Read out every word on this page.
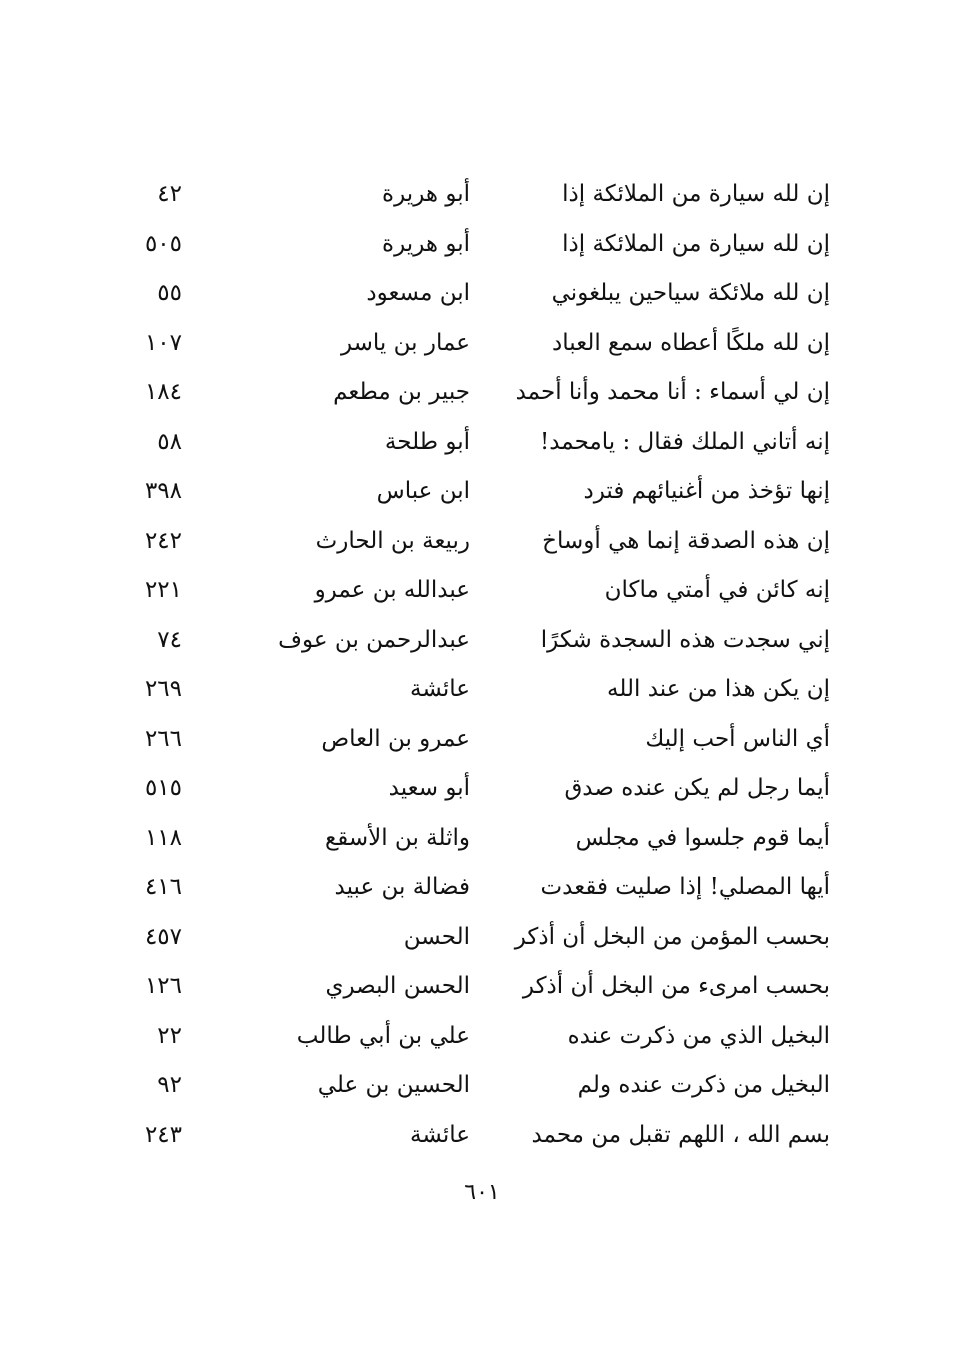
إن لله سيارة من الملائكة إذا
أبو هريرة
٤٢
إن لله سيارة من الملائكة إذا
أبو هريرة
٥٠٥
إن لله ملائكة سياحين يبلغوني
ابن مسعود
٥٥
إن لله ملكًا أعطاه سمع العباد
عمار بن ياسر
١٠٧
إن لي أسماء : أنا محمد وأنا أحمد
جبير بن مطعم
١٨٤
إنه أتاني الملك فقال : يامحمد!
أبو طلحة
٥٨
إنها تؤخذ من أغنيائهم فترد
ابن عباس
٣٩٨
إن هذه الصدقة إنما هي أوساخ
ربيعة بن الحارث
٢٤٢
إنه كائن في أمتي ماكان
عبدالله بن عمرو
٢٢١
إني سجدت هذه السجدة شكرًا
عبدالرحمن بن عوف
٧٤
إن يكن هذا من عند الله
عائشة
٢٦٩
أي الناس أحب إليك
عمرو بن العاص
٢٦٦
أيما رجل لم يكن عنده صدق
أبو سعيد
٥١٥
أيما قوم جلسوا في مجلس
واثلة بن الأسقع
١١٨
أيها المصلي! إذا صليت فقعدت
فضالة بن عبيد
٤١٦
بحسب المؤمن من البخل أن أذكر
الحسن
٤٥٧
بحسب امرىء من البخل أن أذكر
الحسن البصري
١٢٦
البخيل الذي من ذكرت عنده
علي بن أبي طالب
٢٢
البخيل من ذكرت عنده ولم
الحسين بن علي
٩٢
بسم الله ، اللهم تقبل من محمد
عائشة
٢٤٣
٦٠١
